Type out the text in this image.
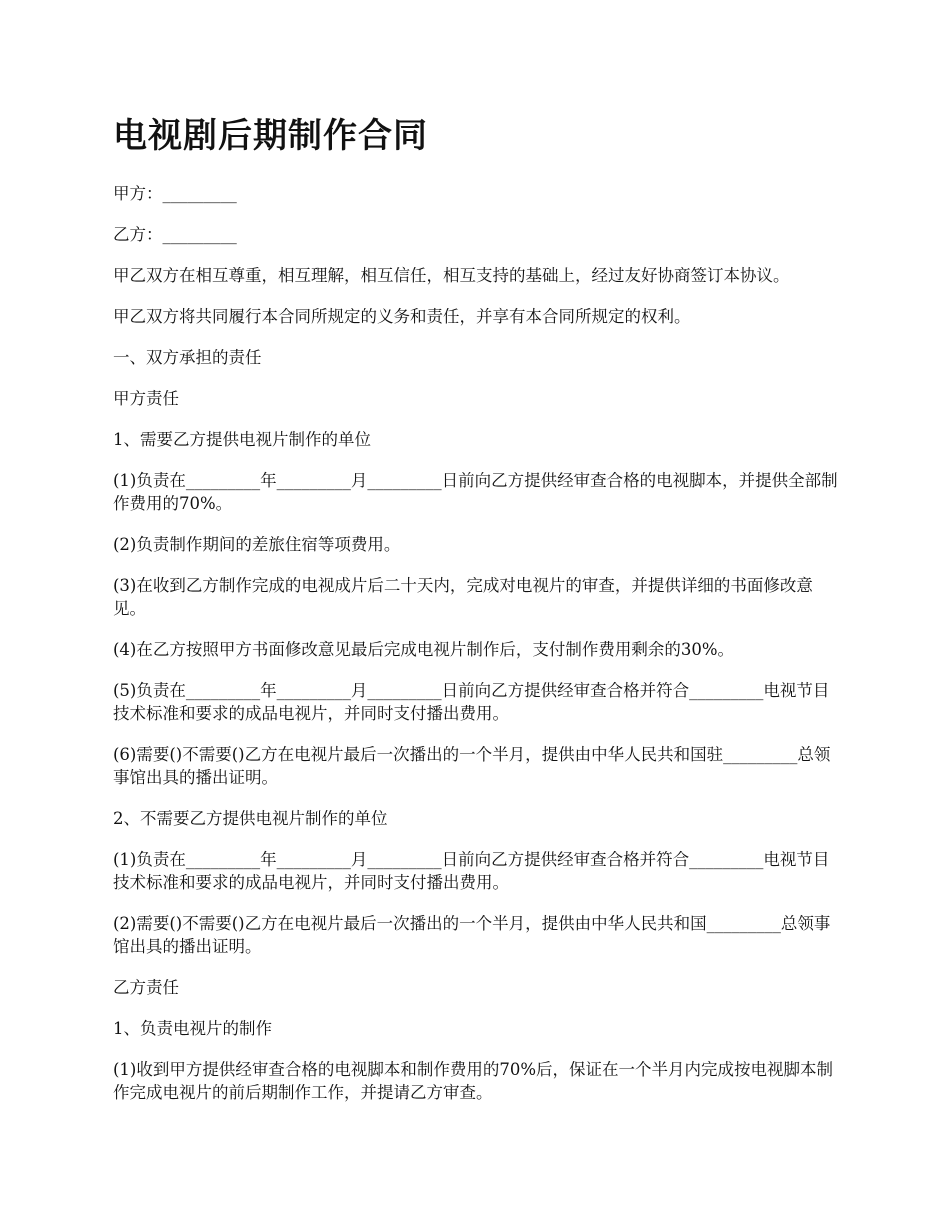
电视剧后期制作合同

甲方：_________

乙方：_________

甲乙双方在相互尊重，相互理解，相互信任，相互支持的基础上，经过友好协商签订本协议。

甲乙双方将共同履行本合同所规定的义务和责任，并享有本合同所规定的权利。

一、双方承担的责任

甲方责任

1、需要乙方提供电视片制作的单位

(1)负责在_________年_________月_________日前向乙方提供经审查合格的电视脚本，并提供全部制作费用的70%。

(2)负责制作期间的差旅住宿等项费用。

(3)在收到乙方制作完成的电视成片后二十天内，完成对电视片的审查，并提供详细的书面修改意见。

(4)在乙方按照甲方书面修改意见最后完成电视片制作后，支付制作费用剩余的30%。

(5)负责在_________年_________月_________日前向乙方提供经审查合格并符合_________电视节目技术标准和要求的成品电视片，并同时支付播出费用。

(6)需要()不需要()乙方在电视片最后一次播出的一个半月，提供由中华人民共和国驻_________总领事馆出具的播出证明。

2、不需要乙方提供电视片制作的单位

(1)负责在_________年_________月_________日前向乙方提供经审查合格并符合_________电视节目技术标准和要求的成品电视片，并同时支付播出费用。

(2)需要()不需要()乙方在电视片最后一次播出的一个半月，提供由中华人民共和国_________总领事馆出具的播出证明。

乙方责任

1、负责电视片的制作

(1)收到甲方提供经审查合格的电视脚本和制作费用的70%后，保证在一个半月内完成按电视脚本制作完成电视片的前后期制作工作，并提请乙方审查。
